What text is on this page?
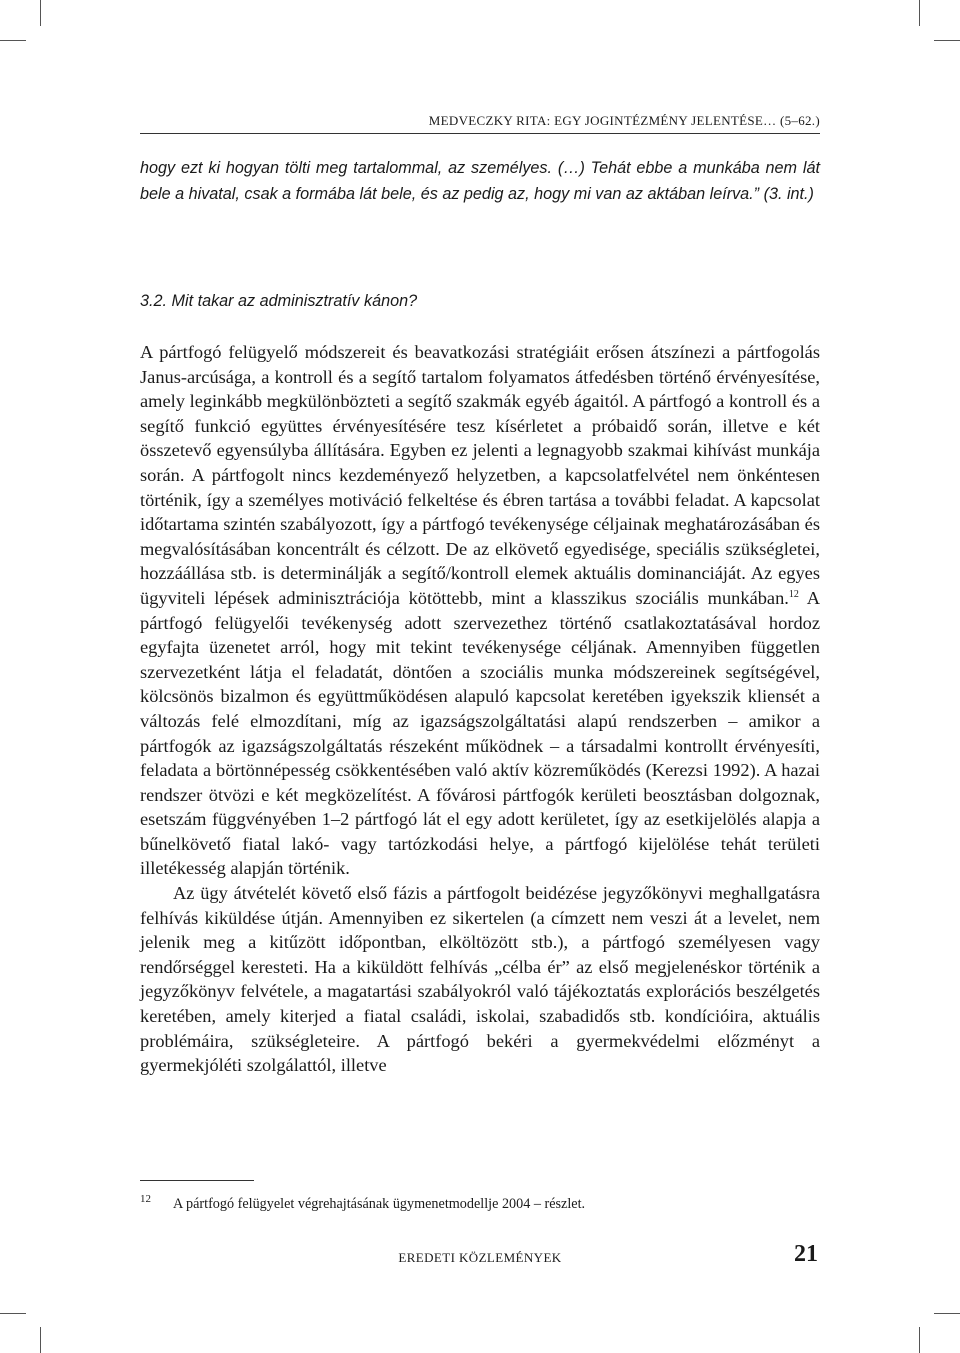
MEDVECZKY RITA: EGY JOGINTÉZMÉNY JELENTÉSE… (5–62.)

hogy ezt ki hogyan tölti meg tartalommal, az személyes. (…) Tehát ebbe a munkába nem lát bele a hivatal, csak a formába lát bele, és az pedig az, hogy mi van az aktában leírva.” (3. int.)

3.2. Mit takar az adminisztratív kánon?

A pártfogó felügyelő módszereit és beavatkozási stratégiáit erősen átszínezi a pártfogolás Janus-arcúsága, a kontroll és a segítő tartalom folyamatos átfedésben történő érvényesítése, amely leginkább megkülönbözteti a segítő szakmák egyéb ágaitól. A pártfogó a kontroll és a segítő funkció együttes érvényesítésére tesz kísérletet a próbaidő során, illetve e két összetevő egyensúlyba állítására. Egyben ez jelenti a legnagyobb szakmai kihívást munkája során. A pártfogolt nincs kezdeményező helyzetben, a kapcsolatfelvétel nem önkéntesen történik, így a személyes motiváció felkeltése és ébren tartása a további feladat. A kapcsolat időtartama szintén szabályozott, így a pártfogó tevékenysége céljainak meghatározásában és megvalósításában koncentrált és célzott. De az elkövető egyedisége, speciális szükségletei, hozzáállása stb. is determinálják a segítő/kontroll elemek aktuális dominanciáját. Az egyes ügyviteli lépések adminisztrációja kötöttebb, mint a klasszikus szociális munkában.$^{12}$ A pártfogó felügyelői tevékenység adott szervezethez történő csatlakoztatásával hordoz egyfajta üzenetet arról, hogy mit tekint tevékenysége céljának. Amennyiben független szervezetként látja el feladatát, döntően a szociális munka módszereinek segítségével, kölcsönös bizalmon és együttműködésen alapuló kapcsolat keretében igyekszik kliensét a változás felé elmozdítani, míg az igazságszolgáltatási alapú rendszerben – amikor a pártfogók az igazságszolgáltatás részeként működnek – a társadalmi kontrollt érvényesíti, feladata a börtönnépesség csökkentésében való aktív közreműködés (Kerezsi 1992). A hazai rendszer ötvözi e két megközelítést. A fővárosi pártfogók kerületi beosztásban dolgoznak, esetszám függvényében 1–2 pártfogó lát el egy adott kerületet, így az esetkijelölés alapja a bűnelkövető fiatal lakó- vagy tartózkodási helye, a pártfogó kijelölése tehát területi illetékesség alapján történik.

Az ügy átvételét követő első fázis a pártfogolt beidézése jegyzőkönyvi meghallgatásra felhívás kiküldése útján. Amennyiben ez sikertelen (a címzett nem veszi át a levelet, nem jelenik meg a kitűzött időpontban, elköltözött stb.), a pártfogó személyesen vagy rendőrséggel keresteti. Ha a kiküldött felhívás „célba ér” az első megjelenéskor történik a jegyzőkönyv felvétele, a magatartási szabályokról való tájékoztatás explorációs beszélgetés keretében, amely kiterjed a fiatal családi, iskolai, szabadidős stb. kondícióira, aktuális problémáira, szükségleteire. A pártfogó bekéri a gyermekvédelmi előzményt a gyermekjóléti szolgálattól, illetve

12 A pártfogó felügyelet végrehajtásának ügymenetmodellje 2004 – részlet.
EREDETI KÖZLEMÉNYEK	21
